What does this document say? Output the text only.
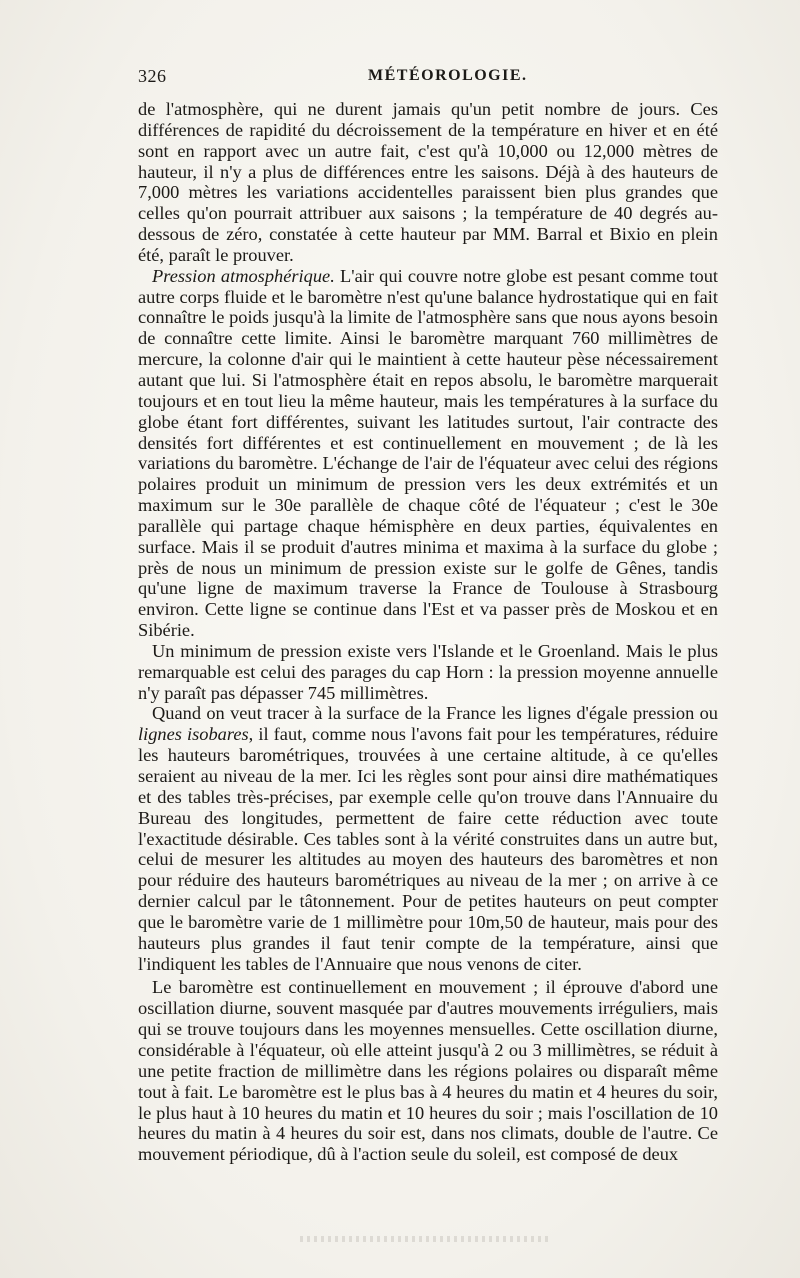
326	MÉTÉOROLOGIE.

de l'atmosphère, qui ne durent jamais qu'un petit nombre de jours. Ces différences de rapidité du décroissement de la température en hiver et en été sont en rapport avec un autre fait, c'est qu'à 10,000 ou 12,000 mètres de hauteur, il n'y a plus de différences entre les saisons. Déjà à des hauteurs de 7,000 mètres les variations accidentelles paraissent bien plus grandes que celles qu'on pourrait attribuer aux saisons ; la température de 40 degrés au-dessous de zéro, constatée à cette hauteur par MM. Barral et Bixio en plein été, paraît le prouver.

Pression atmosphérique. L'air qui couvre notre globe est pesant comme tout autre corps fluide et le baromètre n'est qu'une balance hydrostatique qui en fait connaître le poids jusqu'à la limite de l'atmosphère sans que nous ayons besoin de connaître cette limite. Ainsi le baromètre marquant 760 millimètres de mercure, la colonne d'air qui le maintient à cette hauteur pèse nécessairement autant que lui. Si l'atmosphère était en repos absolu, le baromètre marquerait toujours et en tout lieu la même hauteur, mais les températures à la surface du globe étant fort différentes, suivant les latitudes surtout, l'air contracte des densités fort différentes et est continuellement en mouvement ; de là les variations du baromètre. L'échange de l'air de l'équateur avec celui des régions polaires produit un minimum de pression vers les deux extrémités et un maximum sur le 30e parallèle de chaque côté de l'équateur ; c'est le 30e parallèle qui partage chaque hémisphère en deux parties, équivalentes en surface. Mais il se produit d'autres minima et maxima à la surface du globe ; près de nous un minimum de pression existe sur le golfe de Gênes, tandis qu'une ligne de maximum traverse la France de Toulouse à Strasbourg environ. Cette ligne se continue dans l'Est et va passer près de Moskou et en Sibérie.

Un minimum de pression existe vers l'Islande et le Groenland. Mais le plus remarquable est celui des parages du cap Horn : la pression moyenne annuelle n'y paraît pas dépasser 745 millimètres.

Quand on veut tracer à la surface de la France les lignes d'égale pression ou lignes isobares, il faut, comme nous l'avons fait pour les températures, réduire les hauteurs barométriques, trouvées à une certaine altitude, à ce qu'elles seraient au niveau de la mer. Ici les règles sont pour ainsi dire mathématiques et des tables très-précises, par exemple celle qu'on trouve dans l'Annuaire du Bureau des longitudes, permettent de faire cette réduction avec toute l'exactitude désirable. Ces tables sont à la vérité construites dans un autre but, celui de mesurer les altitudes au moyen des hauteurs des baromètres et non pour réduire des hauteurs barométriques au niveau de la mer ; on arrive à ce dernier calcul par le tâtonnement. Pour de petites hauteurs on peut compter que le baromètre varie de 1 millimètre pour 10m,50 de hauteur, mais pour des hauteurs plus grandes il faut tenir compte de la température, ainsi que l'indiquent les tables de l'Annuaire que nous venons de citer.

Le baromètre est continuellement en mouvement ; il éprouve d'abord une oscillation diurne, souvent masquée par d'autres mouvements irréguliers, mais qui se trouve toujours dans les moyennes mensuelles. Cette oscillation diurne, considérable à l'équateur, où elle atteint jusqu'à 2 ou 3 millimètres, se réduit à une petite fraction de millimètre dans les régions polaires ou disparaît même tout à fait. Le baromètre est le plus bas à 4 heures du matin et 4 heures du soir, le plus haut à 10 heures du matin et 10 heures du soir ; mais l'oscillation de 10 heures du matin à 4 heures du soir est, dans nos climats, double de l'autre. Ce mouvement périodique, dû à l'action seule du soleil, est composé de deux
